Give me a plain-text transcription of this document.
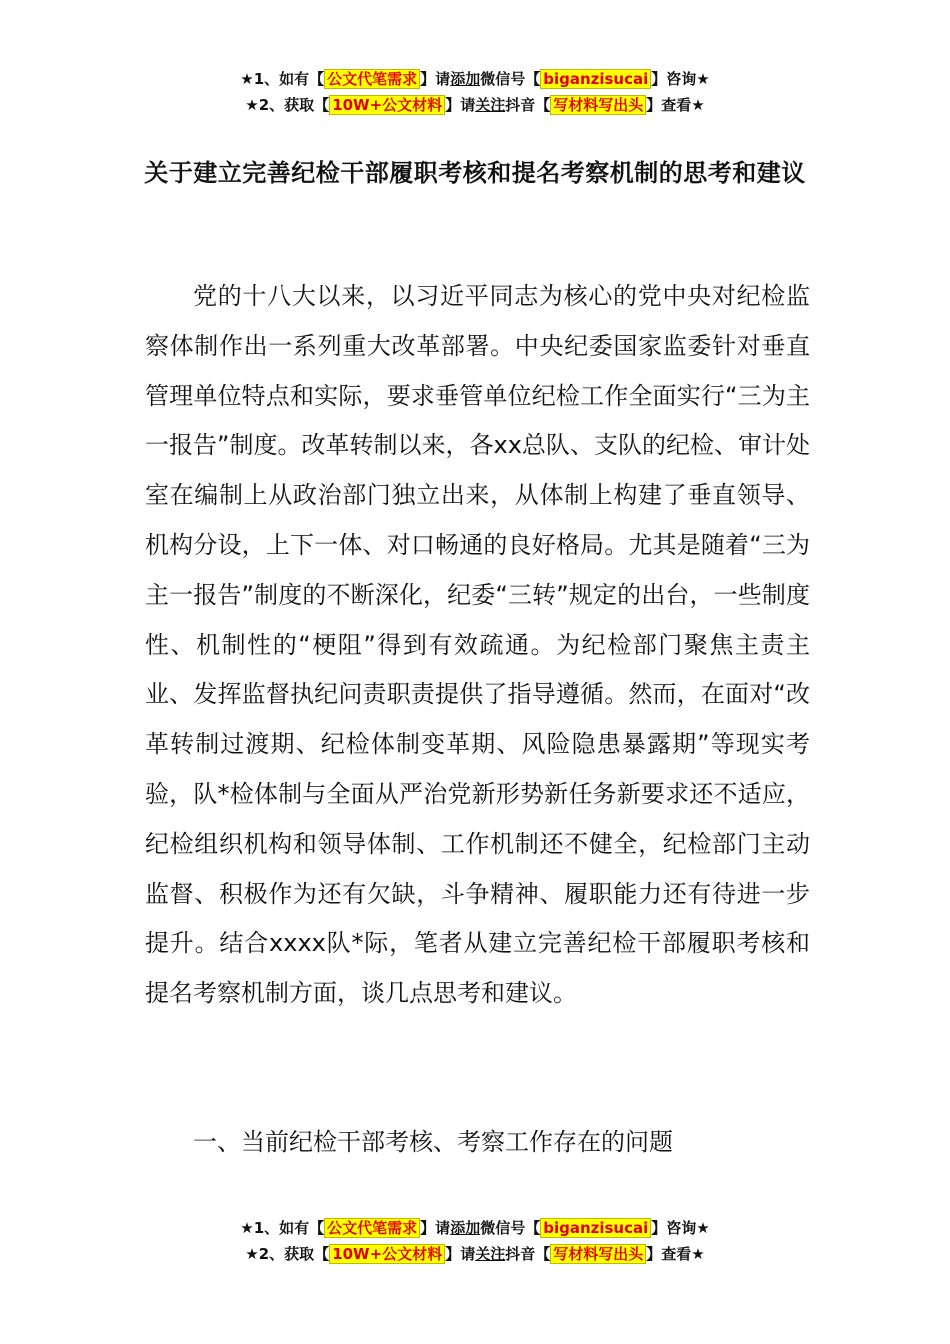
★1、如有【 公文代笔需求 】请添加微信号【 biganzisucai 】咨询★
★2、获取【 10W+公文材料 】请关注抖音【 写材料写出头 】查看★
关于建立完善纪检干部履职考核和提名考察机制的思考和建议

党的十八大以来，以习近平同志为核心的党中央对纪检监察体制作出一系列重大改革部署。中央纪委国家监委针对垂直管理单位特点和实际，要求垂管单位纪检工作全面实行“三为主一报告”制度。改革转制以来，各xx总队、支队的纪检、审计处室在编制上从政治部门独立出来，从体制上构建了垂直领导、机构分设，上下一体、对口畅通的良好格局。尤其是随着“三为主一报告”制度的不断深化，纪委“三转”规定的出台，一些制度性、机制性的“梗阻”得到有效疏通。为纪检部门聚焦主责主业、发挥监督执纪问责职责提供了指导遵循。然而，在面对“改革转制过渡期、纪检体制变革期、风险隐患暴露期”等现实考验，队*检体制与全面从严治党新形势新任务新要求还不适应，纪检组织机构和领导体制、工作机制还不健全，纪检部门主动监督、积极作为还有欠缺，斗争精神、履职能力还有待进一步提升。结合xxxx队*际，笔者从建立完善纪检干部履职考核和提名考察机制方面，谈几点思考和建议。

一、当前纪检干部考核、考察工作存在的问题

★1、如有【 公文代笔需求 】请添加微信号【 biganzisucai 】咨询★
★2、获取【 10W+公文材料 】请关注抖音【 写材料写出头 】查看★
